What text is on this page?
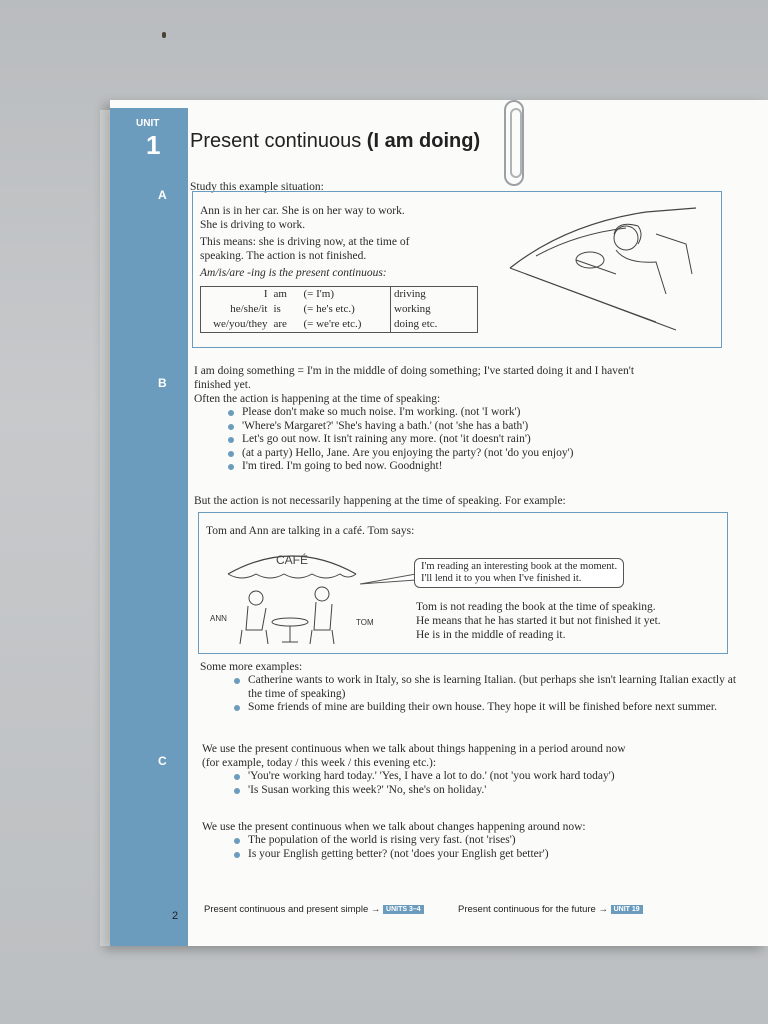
UNIT
1
A
B
C
2
Present continuous (I am doing)
Study this example situation:
Ann is in her car. She is on her way to work.
She is driving to work.
This means: she is driving now, at the time of
speaking. The action is not finished.
Am/is/are -ing is the present continuous:
I	am	(= I'm)	driving
he/she/it	is	(= he's etc.)	working
we/you/they	are	(= we're etc.)	doing etc.
I am doing something = I'm in the middle of doing something; I've started doing it and I haven't
finished yet.
Often the action is happening at the time of speaking:
Please don't make so much noise. I'm working. (not 'I work')
'Where's Margaret?' 'She's having a bath.' (not 'she has a bath')
Let's go out now. It isn't raining any more. (not 'it doesn't rain')
(at a party) Hello, Jane. Are you enjoying the party? (not 'do you enjoy')
I'm tired. I'm going to bed now. Goodnight!
But the action is not necessarily happening at the time of speaking. For example:
Tom and Ann are talking in a café. Tom says:
CAFÉ
ANN	TOM
I'm reading an interesting book at the moment.
I'll lend it to you when I've finished it.
Tom is not reading the book at the time of speaking.
He means that he has started it but not finished it yet.
He is in the middle of reading it.
Some more examples:
Catherine wants to work in Italy, so she is learning Italian. (but perhaps she isn't learning Italian exactly at the time of speaking)
Some friends of mine are building their own house. They hope it will be finished before next summer.
We use the present continuous when we talk about things happening in a period around now
(for example, today / this week / this evening etc.):
'You're working hard today.' 'Yes, I have a lot to do.' (not 'you work hard today')
'Is Susan working this week?' 'No, she's on holiday.'
We use the present continuous when we talk about changes happening around now:
The population of the world is rising very fast. (not 'rises')
Is your English getting better? (not 'does your English get better')
Present continuous and present simple → UNITS 3–4	Present continuous for the future → UNIT 19
